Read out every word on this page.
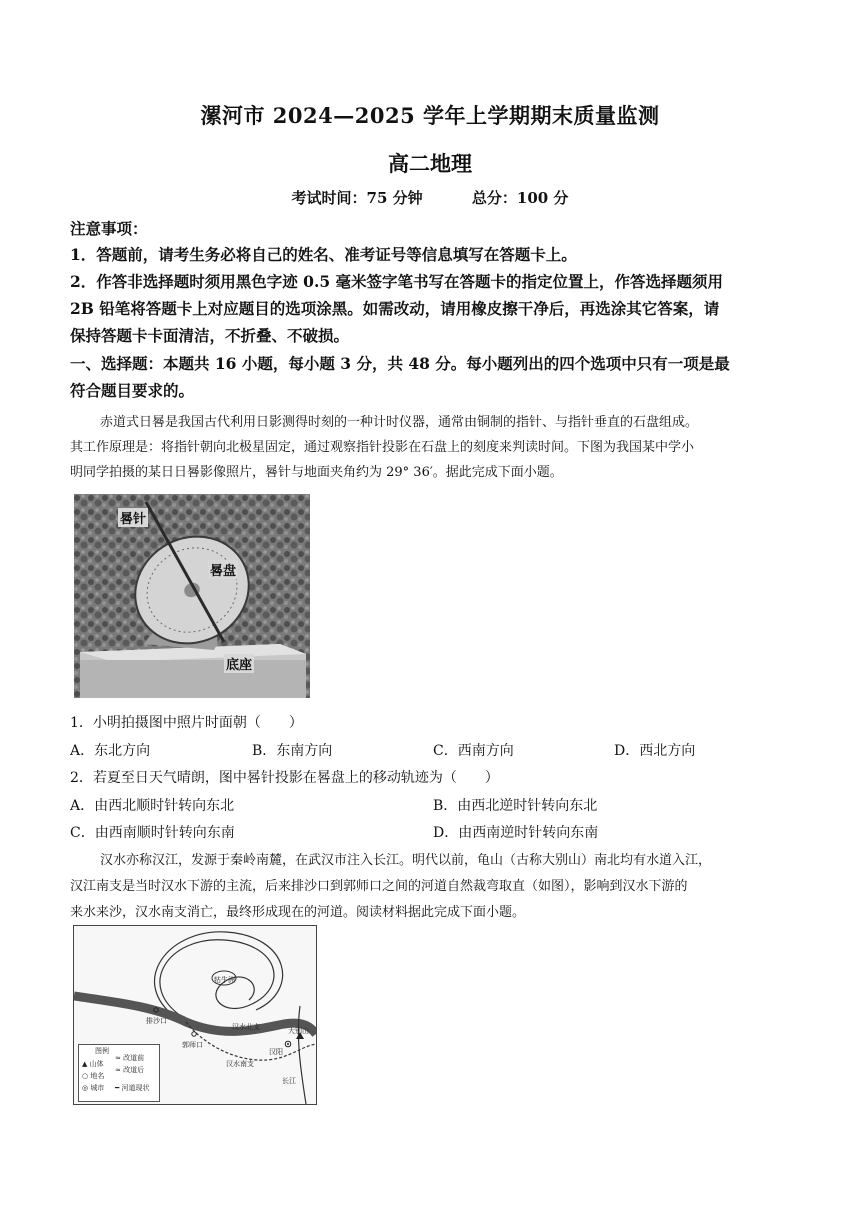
漯河市 2024—2025 学年上学期期末质量监测
高二地理
考试时间：75 分钟	总分：100 分
注意事项：
1．答题前，请考生务必将自己的姓名、准考证号等信息填写在答题卡上。
2．作答非选择题时须用黑色字迹 0.5 毫米签字笔书写在答题卡的指定位置上，作答选择题须用
2B 铅笔将答题卡上对应题目的选项涂黑。如需改动，请用橡皮擦干净后，再选涂其它答案，请
保持答题卡卡面清洁，不折叠、不破损。
一、选择题：本题共 16 小题，每小题 3 分，共 48 分。每小题列出的四个选项中只有一项是最
符合题目要求的。
赤道式日晷是我国古代利用日影测得时刻的一种计时仪器，通常由铜制的指针、与指针垂直的石盘组成。
其工作原理是：将指针朝向北极星固定，通过观察指针投影在石盘上的刻度来判读时间。下图为我国某中学小
明同学拍摄的某日日晷影像照片，晷针与地面夹角约为 29° 36′。据此完成下面小题。
晷针
晷盘
底座
1．小明拍摄图中照片时面朝（　　）
A．东北方向	B．东南方向	C．西南方向	D．西北方向
2．若夏至日天气晴朗，图中晷针投影在晷盘上的移动轨迹为（　　）
A．由西北顺时针转向东北	B．由西北逆时针转向东北
C．由西南顺时针转向东南	D．由西南逆时针转向东南
汉水亦称汉江，发源于秦岭南麓，在武汉市注入长江。明代以前，龟山（古称大别山）南北均有水道入江，
汉江南支是当时汉水下游的主流，后来排沙口到郭师口之间的河道自然裁弯取直（如图），影响到汉水下游的
来水来沙，汉水南支消亡，最终形成现在的河道。阅读材料据此完成下面小题。
牯牛洲
排沙口
郭师口
汉水北支
汉水南支
汉阳
大别山
长江
图例
▲ 山体
○ 地名
◎ 城市
≈ 改道前
≈ 改道后
━ 河道现状
